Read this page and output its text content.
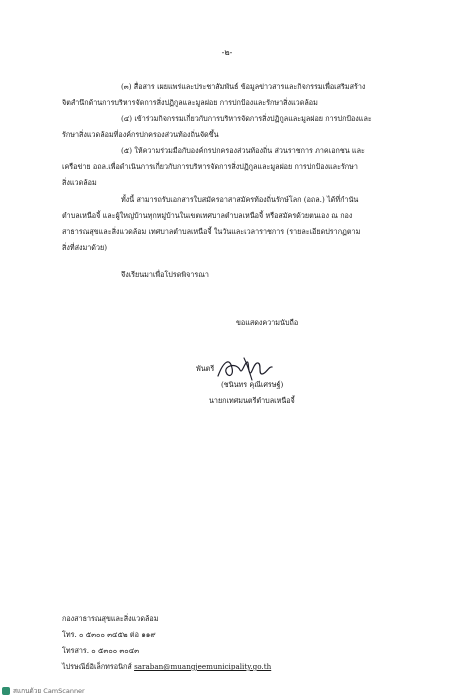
-๒-
(๓) สื่อสาร เผยแพร่และประชาสัมพันธ์ ข้อมูลข่าวสารและกิจกรรมเพื่อเสริมสร้าง
จิตสำนึกด้านการบริหารจัดการสิ่งปฏิกูลและมูลฝอย การปกป้องและรักษาสิ่งแวดล้อม
(๔) เข้าร่วมกิจกรรมเกี่ยวกับการบริหารจัดการสิ่งปฏิกูลและมูลฝอย การปกป้องและ
รักษาสิ่งแวดล้อมที่องค์กรปกครองส่วนท้องถิ่นจัดขึ้น
(๕) ให้ความร่วมมือกับองค์กรปกครองส่วนท้องถิ่น ส่วนราชการ ภาคเอกชน และ
เครือข่าย อถล.เพื่อดำเนินการเกี่ยวกับการบริหารจัดการสิ่งปฏิกูลและมูลฝอย การปกป้องและรักษา
สิ่งแวดล้อม
ทั้งนี้ สามารถรับเอกสารใบสมัครอาสาสมัครท้องถิ่นรักษ์โลก (อถล.) ได้ที่กำนัน
ตำบลเหนือจี้ และผู้ใหญ่บ้านทุกหมู่บ้านในเขตเทศบาลตำบลเหนือจี้ หรือสมัครด้วยตนเอง ณ กอง
สาธารณสุขและสิ่งแวดล้อม เทศบาลตำบลเหนือจี้ ในวันและเวลาราชการ (รายละเอียดปรากฏตาม
สิ่งที่ส่งมาด้วย)
จึงเรียนมาเพื่อโปรดพิจารณา
ขอแสดงความนับถือ
พันตรี
(ชนินทร คุณีเศรษฐ์)
นายกเทศมนตรีตำบลเหนือจี้
กองสาธารณสุขและสิ่งแวดล้อม
โทร. ๐ ๕๓๐๐ ๓๔๕๒ ต่อ ๑๑๙
โทรสาร. ๐ ๕๓๐๐ ๓๐๔๓
ไปรษณีย์อิเล็กทรอนิกส์ saraban@muangjeemunicipality.go.th
สแกนด้วย CamScanner
